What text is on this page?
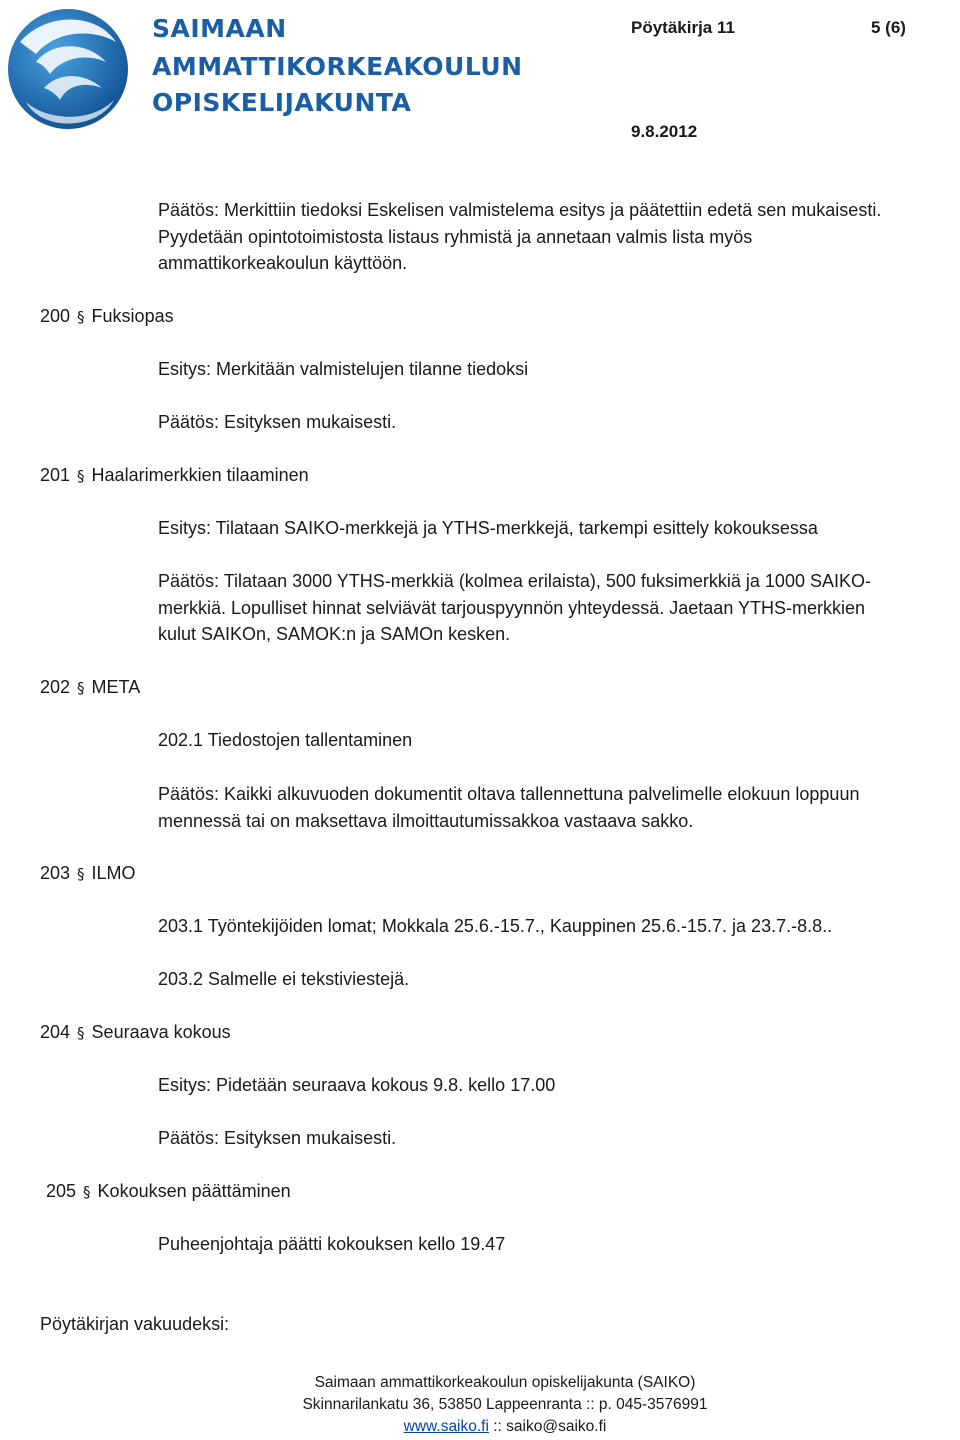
SAIMAAN
AMMATTIKORKEAKOULUN
OPISKELIJAKUNTA
Pöytäkirja 11	5 (6)
9.8.2012

Päätös: Merkittiin tiedoksi Eskelisen valmistelema esitys ja päätettiin edetä sen mukaisesti.
Pyydetään opintotoimistosta listaus ryhmistä ja annetaan valmis lista myös
ammattikorkeakoulun käyttöön.

200 § Fuksiopas

Esitys: Merkitään valmistelujen tilanne tiedoksi

Päätös: Esityksen mukaisesti.

201 § Haalarimerkkien tilaaminen

Esitys: Tilataan SAIKO-merkkejä ja YTHS-merkkejä, tarkempi esittely kokouksessa

Päätös: Tilataan 3000 YTHS-merkkiä (kolmea erilaista), 500 fuksimerkkiä ja 1000 SAIKO-
merkkiä. Lopulliset hinnat selviävät tarjouspyynnön yhteydessä. Jaetaan YTHS-merkkien
kulut SAIKOn, SAMOK:n ja SAMOn kesken.

202 § META

202.1 Tiedostojen tallentaminen

Päätös: Kaikki alkuvuoden dokumentit oltava tallennettuna palvelimelle elokuun loppuun
mennessä tai on maksettava ilmoittautumissakkoa vastaava sakko.

203 § ILMO

203.1 Työntekijöiden lomat; Mokkala 25.6.-15.7., Kauppinen 25.6.-15.7. ja 23.7.-8.8..

203.2 Salmelle ei tekstiviestejä.

204 § Seuraava kokous

Esitys: Pidetään seuraava kokous 9.8. kello 17.00

Päätös: Esityksen mukaisesti.

205 § Kokouksen päättäminen

Puheenjohtaja päätti kokouksen kello 19.47

Pöytäkirjan vakuudeksi:
Saimaan ammattikorkeakoulun opiskelijakunta (SAIKO)
Skinnarilankatu 36, 53850 Lappeenranta :: p. 045-3576991
www.saiko.fi :: saiko@saiko.fi
